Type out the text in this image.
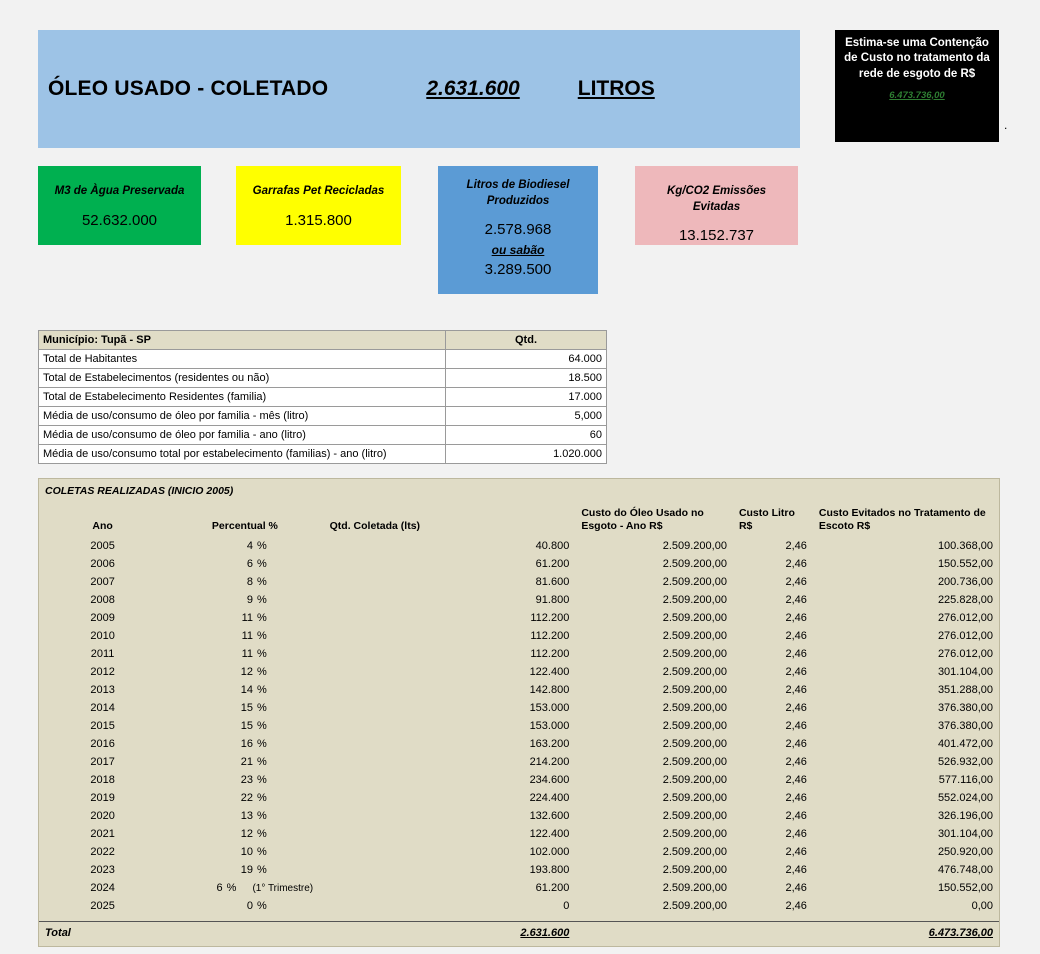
ÓLEO USADO - COLETADO	2.631.600	LITROS
Estima-se uma Contenção de Custo no tratamento da rede de esgoto de R$
6.473.736,00
.
M3 de Àgua Preservada
52.632.000
Garrafas Pet Recicladas
1.315.800
Litros de Biodiesel Produzidos
2.578.968
ou sabão
3.289.500
Kg/CO2 Emissões Evitadas
13.152.737
Município: Tupã - SP	Qtd.
Total de Habitantes	64.000
Total de Estabelecimentos (residentes ou não)	18.500
Total de Estabelecimento Residentes (familia)	17.000
Média de uso/consumo de óleo por familia - mês (litro)	5,000
Média de uso/consumo de óleo por familia - ano (litro)	60
Média de uso/consumo total por estabelecimento (familias) - ano (litro)	1.020.000
COLETAS REALIZADAS (INICIO 2005)
Ano	Percentual %	Qtd. Coletada (lts)	Custo do Óleo Usado no Esgoto - Ano R$	Custo Litro R$	Custo Evitados no Tratamento de Escoto R$
2005	4 %	40.800	2.509.200,00	2,46	100.368,00
2006	6 %	61.200	2.509.200,00	2,46	150.552,00
2007	8 %	81.600	2.509.200,00	2,46	200.736,00
2008	9 %	91.800	2.509.200,00	2,46	225.828,00
2009	11 %	112.200	2.509.200,00	2,46	276.012,00
2010	11 %	112.200	2.509.200,00	2,46	276.012,00
2011	11 %	112.200	2.509.200,00	2,46	276.012,00
2012	12 %	122.400	2.509.200,00	2,46	301.104,00
2013	14 %	142.800	2.509.200,00	2,46	351.288,00
2014	15 %	153.000	2.509.200,00	2,46	376.380,00
2015	15 %	153.000	2.509.200,00	2,46	376.380,00
2016	16 %	163.200	2.509.200,00	2,46	401.472,00
2017	21 %	214.200	2.509.200,00	2,46	526.932,00
2018	23 %	234.600	2.509.200,00	2,46	577.116,00
2019	22 %	224.400	2.509.200,00	2,46	552.024,00
2020	13 %	132.600	2.509.200,00	2,46	326.196,00
2021	12 %	122.400	2.509.200,00	2,46	301.104,00
2022	10 %	102.000	2.509.200,00	2,46	250.920,00
2023	19 %	193.800	2.509.200,00	2,46	476.748,00
2024	6 % (1° Trimestre)	61.200	2.509.200,00	2,46	150.552,00
2025	0 %	0	2.509.200,00	2,46	0,00

Total		2.631.600			6.473.736,00
